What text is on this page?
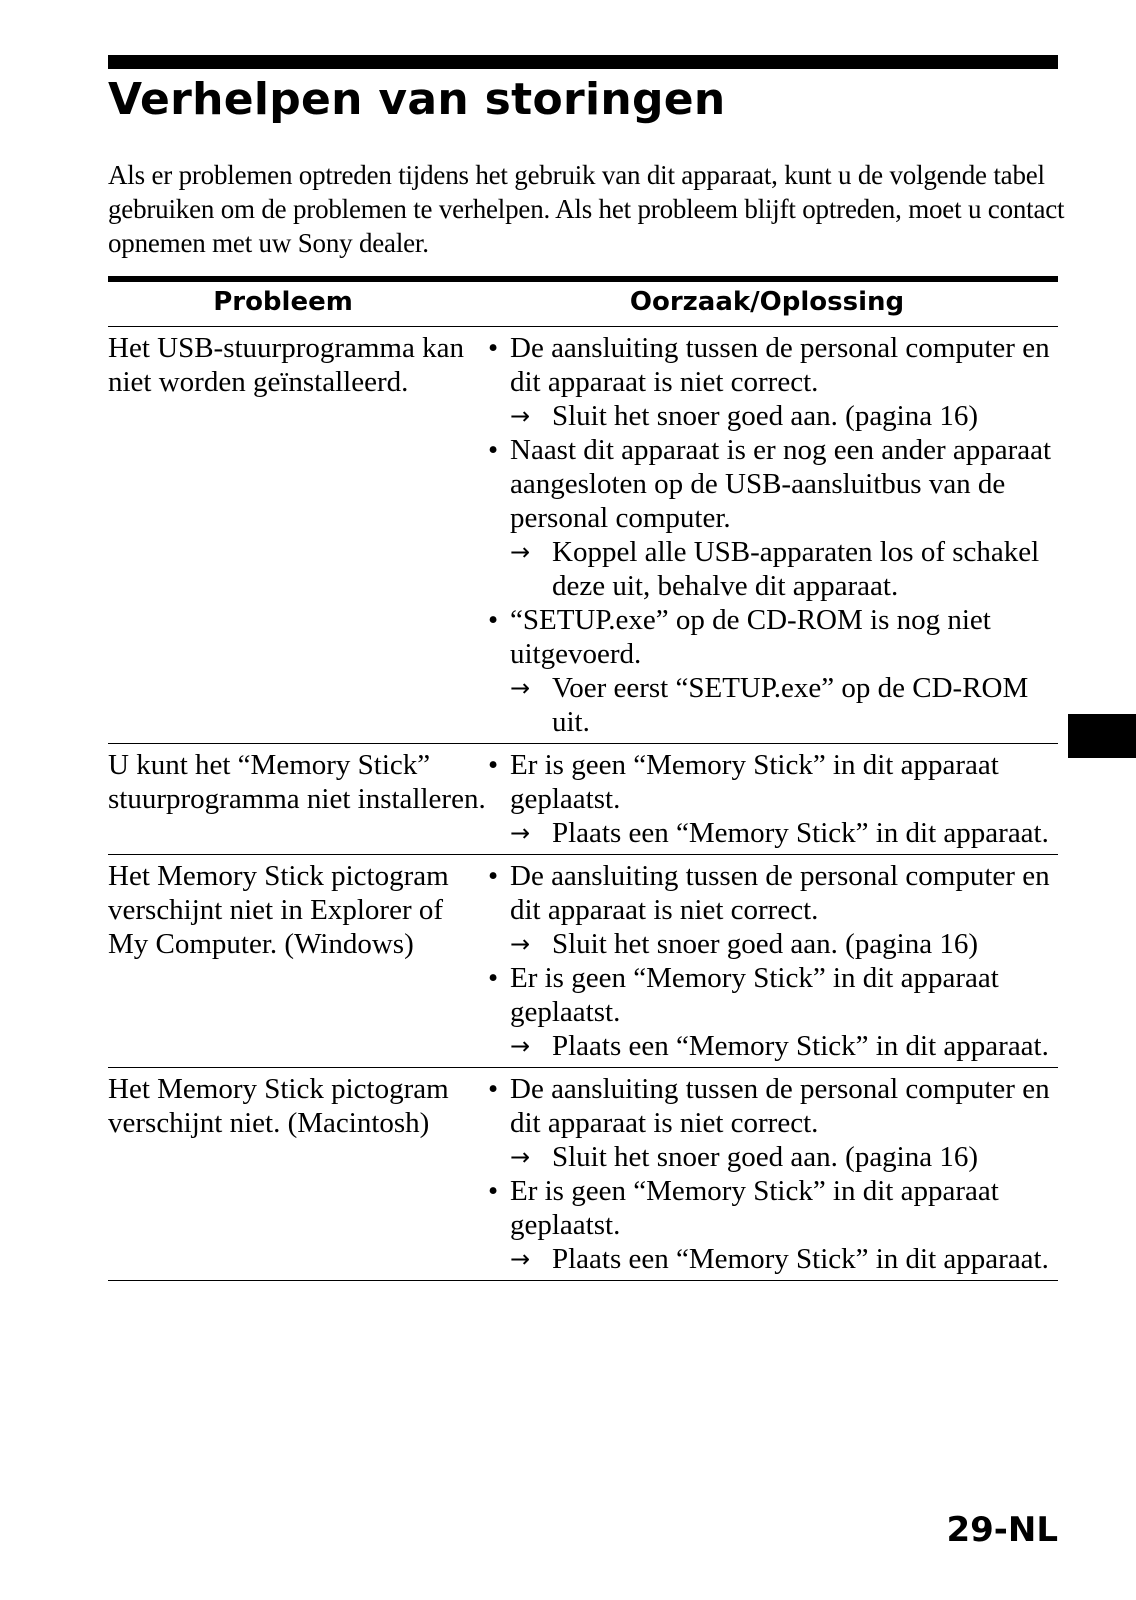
Verhelpen van storingen

Als er problemen optreden tijdens het gebruik van dit apparaat, kunt u de volgende tabel gebruiken om de problemen te verhelpen. Als het probleem blijft optreden, moet u contact opnemen met uw Sony dealer.

Probleem	Oorzaak/Oplossing
Het USB-stuurprogramma kan niet worden geïnstalleerd.
• De aansluiting tussen de personal computer en dit apparaat is niet correct.
→ Sluit het snoer goed aan. (pagina 16)
• Naast dit apparaat is er nog een ander apparaat aangesloten op de USB-aansluitbus van de personal computer.
→ Koppel alle USB-apparaten los of schakel deze uit, behalve dit apparaat.
• “SETUP.exe” op de CD-ROM is nog niet uitgevoerd.
→ Voer eerst “SETUP.exe” op de CD-ROM uit.
U kunt het “Memory Stick” stuurprogramma niet installeren.
• Er is geen “Memory Stick” in dit apparaat geplaatst.
→ Plaats een “Memory Stick” in dit apparaat.
Het Memory Stick pictogram verschijnt niet in Explorer of My Computer. (Windows)
• De aansluiting tussen de personal computer en dit apparaat is niet correct.
→ Sluit het snoer goed aan. (pagina 16)
• Er is geen “Memory Stick” in dit apparaat geplaatst.
→ Plaats een “Memory Stick” in dit apparaat.
Het Memory Stick pictogram verschijnt niet. (Macintosh)
• De aansluiting tussen de personal computer en dit apparaat is niet correct.
→ Sluit het snoer goed aan. (pagina 16)
• Er is geen “Memory Stick” in dit apparaat geplaatst.
→ Plaats een “Memory Stick” in dit apparaat.

29-NL
